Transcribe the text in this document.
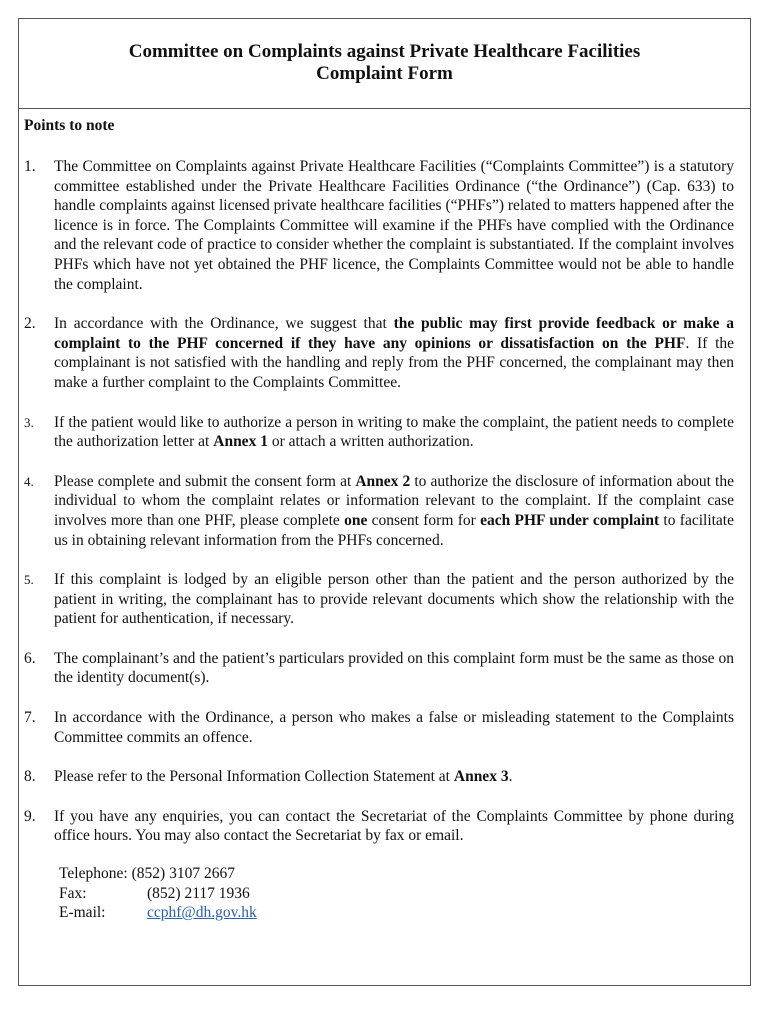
Committee on Complaints against Private Healthcare Facilities
Complaint Form
Points to note
1.	The Committee on Complaints against Private Healthcare Facilities (“Complaints Committee”) is a statutory committee established under the Private Healthcare Facilities Ordinance (“the Ordinance”) (Cap. 633) to handle complaints against licensed private healthcare facilities (“PHFs”) related to matters happened after the licence is in force. The Complaints Committee will examine if the PHFs have complied with the Ordinance and the relevant code of practice to consider whether the complaint is substantiated. If the complaint involves PHFs which have not yet obtained the PHF licence, the Complaints Committee would not be able to handle the complaint.
2.	In accordance with the Ordinance, we suggest that the public may first provide feedback or make a complaint to the PHF concerned if they have any opinions or dissatisfaction on the PHF. If the complainant is not satisfied with the handling and reply from the PHF concerned, the complainant may then make a further complaint to the Complaints Committee.
3.	If the patient would like to authorize a person in writing to make the complaint, the patient needs to complete the authorization letter at Annex 1 or attach a written authorization.
4.	Please complete and submit the consent form at Annex 2 to authorize the disclosure of information about the individual to whom the complaint relates or information relevant to the complaint. If the complaint case involves more than one PHF, please complete one consent form for each PHF under complaint to facilitate us in obtaining relevant information from the PHFs concerned.
5.	If this complaint is lodged by an eligible person other than the patient and the person authorized by the patient in writing, the complainant has to provide relevant documents which show the relationship with the patient for authentication, if necessary.
6.	The complainant’s and the patient’s particulars provided on this complaint form must be the same as those on the identity document(s).
7.	In accordance with the Ordinance, a person who makes a false or misleading statement to the Complaints Committee commits an offence.
8.	Please refer to the Personal Information Collection Statement at Annex 3.
9.	If you have any enquiries, you can contact the Secretariat of the Complaints Committee by phone during office hours. You may also contact the Secretariat by fax or email.
Telephone: (852) 3107 2667
Fax:	(852) 2117 1936
E-mail:	ccphf@dh.gov.hk
